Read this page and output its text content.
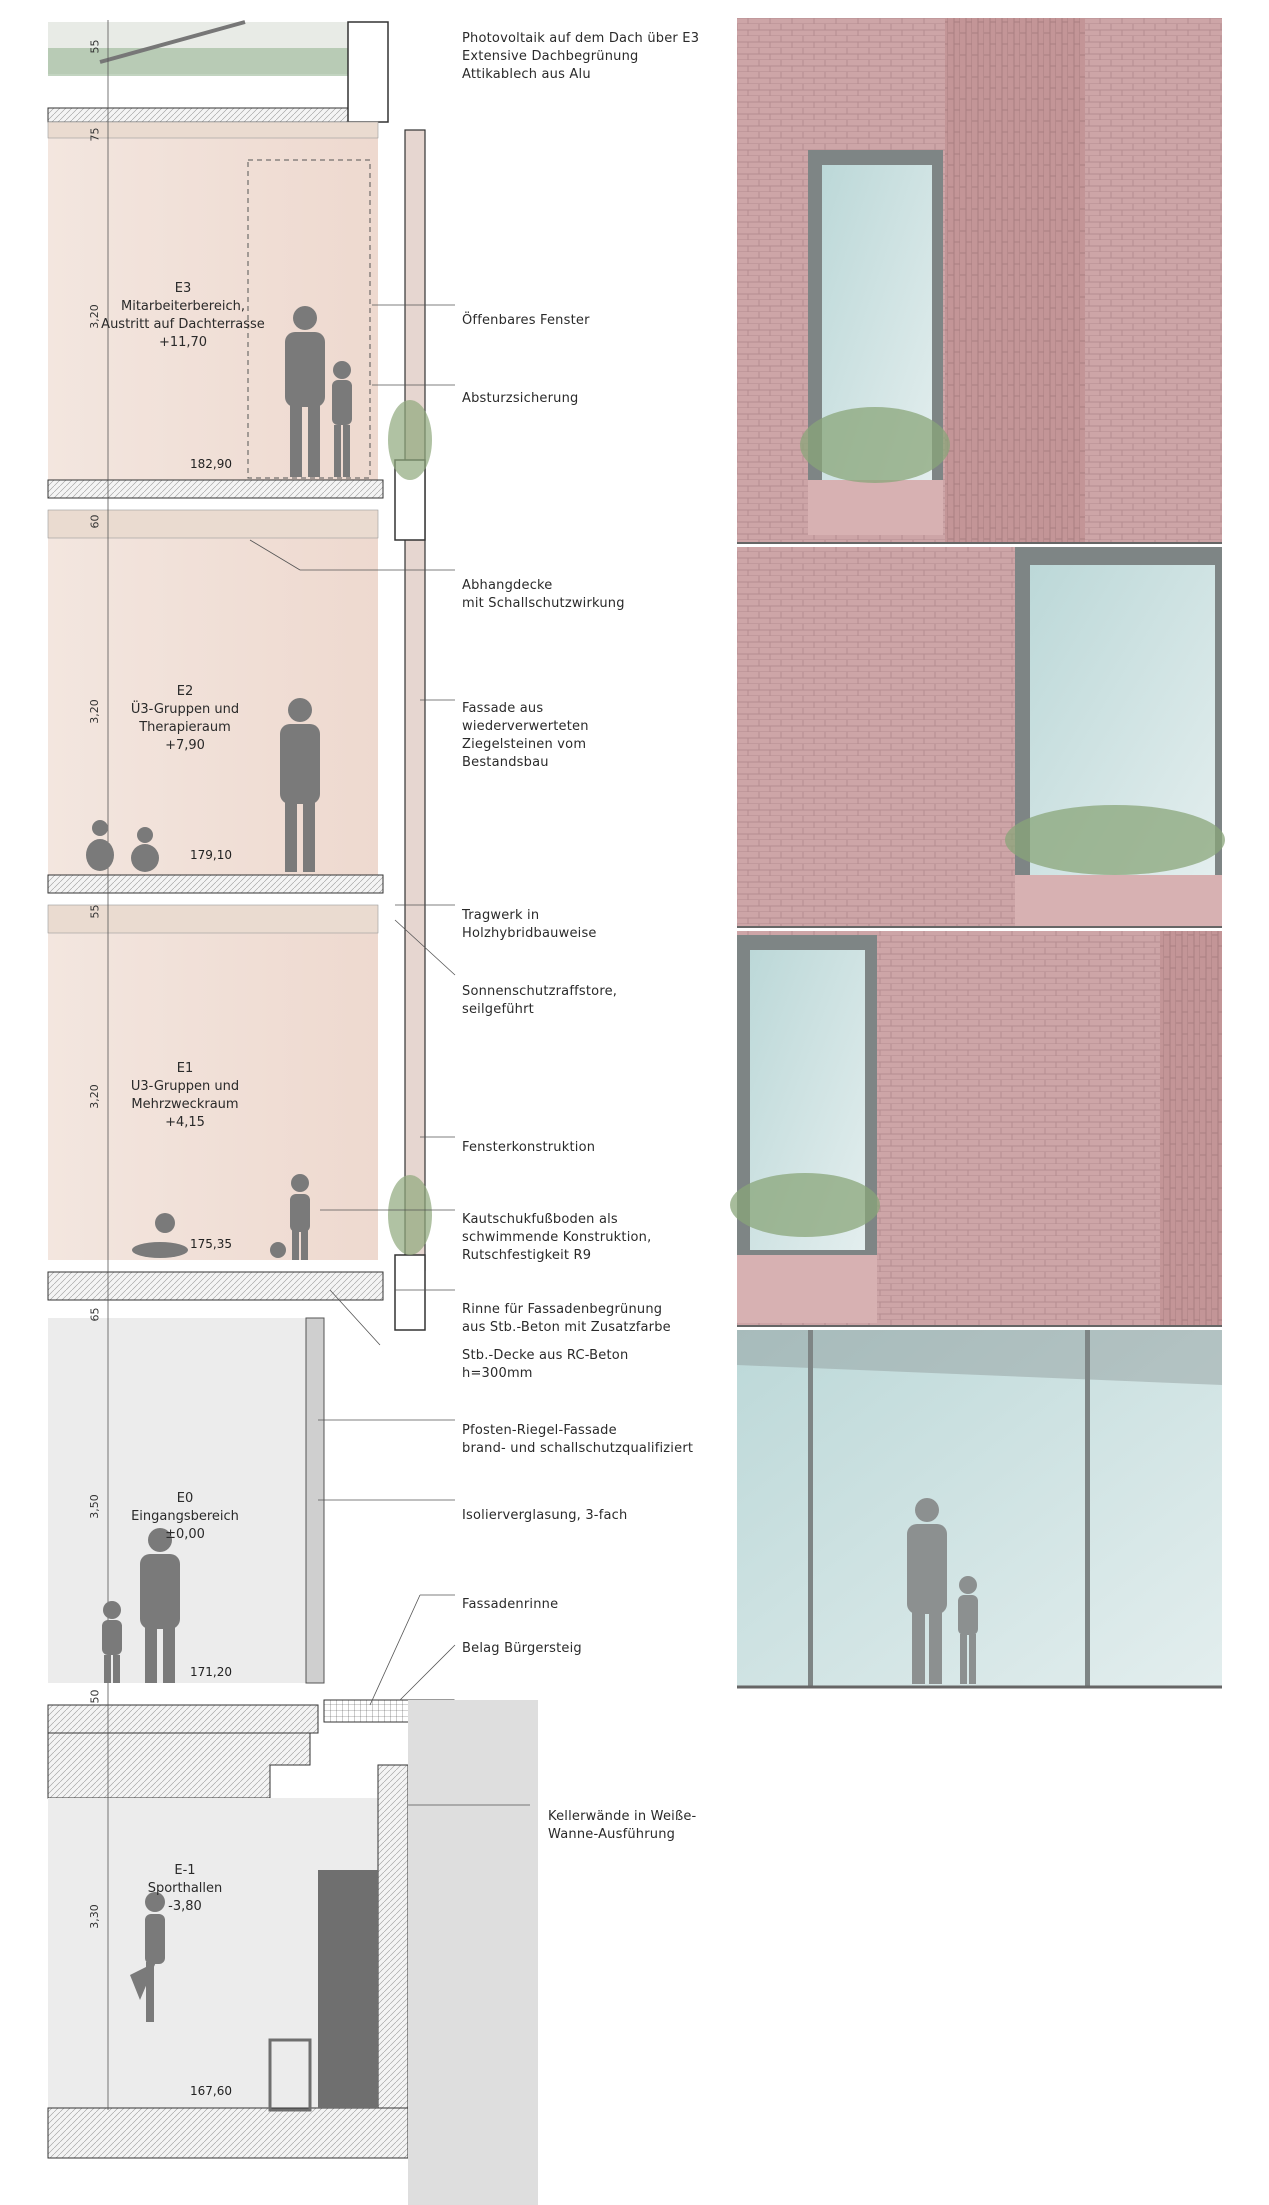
Photovoltaik auf dem Dach über E3
Extensive Dachbegrünung
Attikablech aus Alu
Öffenbares Fenster
Absturzsicherung
Abhangdecke
mit Schallschutzwirkung
Fassade aus
wiederverwerteten
Ziegelsteinen vom
Bestandsbau
Tragwerk in
Holzhybridbauweise
Sonnenschutzraffstore,
seilgeführt
Fensterkonstruktion
Kautschukfußboden als
schwimmende Konstruktion,
Rutschfestigkeit R9
Rinne für Fassadenbegrünung
aus Stb.-Beton mit Zusatzfarbe
Stb.-Decke aus RC-Beton
h=300mm
Pfosten-Riegel-Fassade
brand- und schallschutzqualifiziert
Isolierverglasung, 3-fach
Fassadenrinne
Belag Bürgersteig
Kellerwände in Weiße-
Wanne-Ausführung
E3
Mitarbeiterbereich,
Austritt auf Dachterrasse
+11,70
E2
Ü3-Gruppen und
Therapieraum
+7,90
E1
U3-Gruppen und
Mehrzweckraum
+4,15
E0
Eingangsbereich
±0,00
E-1
Sporthallen
-3,80
182,90
179,10
175,35
171,20
167,60
55
75
3,20
60
3,20
55
3,20
65
3,50
50
3,30
